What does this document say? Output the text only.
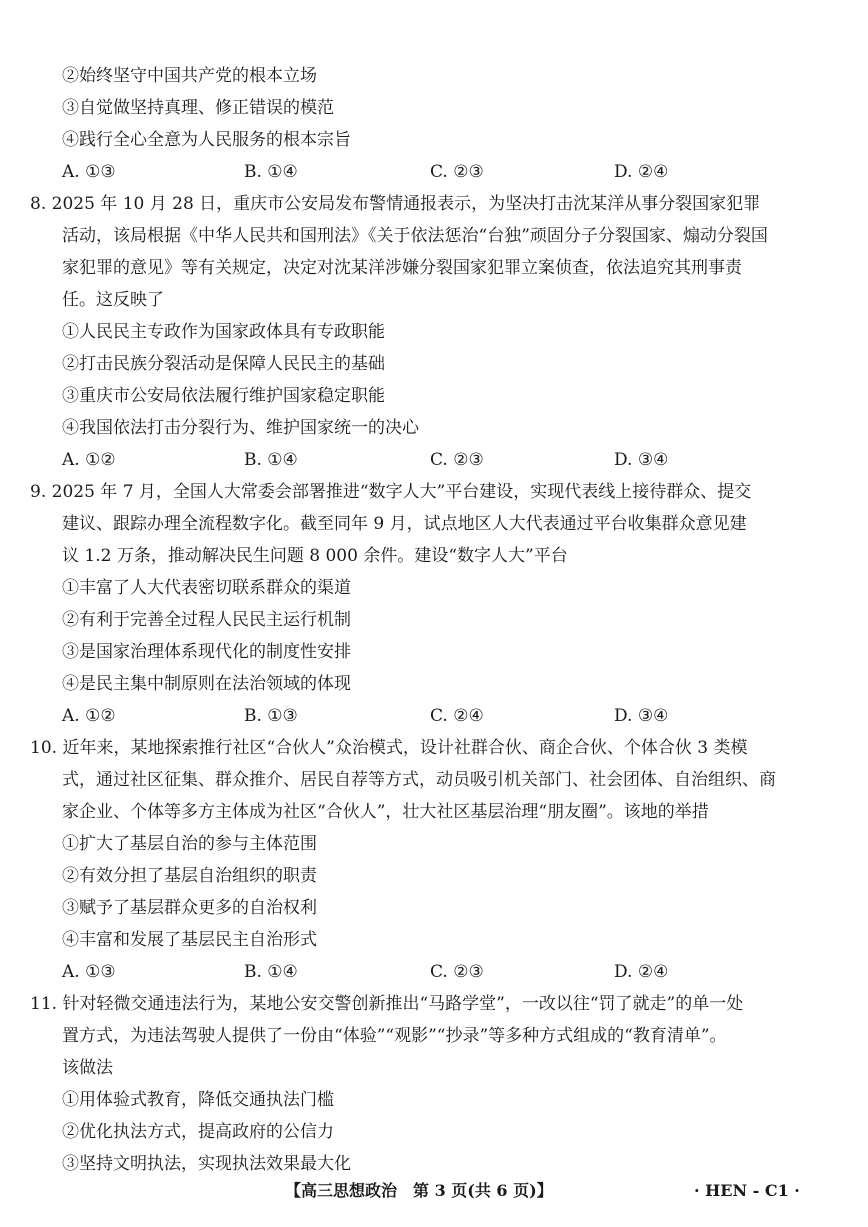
②始终坚守中国共产党的根本立场
③自觉做坚持真理、修正错误的模范
④践行全心全意为人民服务的根本宗旨
A. ①③	B. ①④	C. ②③	D. ②④
8. 2025 年 10 月 28 日，重庆市公安局发布警情通报表示，为坚决打击沈某洋从事分裂国家犯罪
活动，该局根据《中华人民共和国刑法》《关于依法惩治“台独”顽固分子分裂国家、煽动分裂国
家犯罪的意见》等有关规定，决定对沈某洋涉嫌分裂国家犯罪立案侦查，依法追究其刑事责
任。这反映了
①人民民主专政作为国家政体具有专政职能
②打击民族分裂活动是保障人民民主的基础
③重庆市公安局依法履行维护国家稳定职能
④我国依法打击分裂行为、维护国家统一的决心
A. ①②	B. ①④	C. ②③	D. ③④
9. 2025 年 7 月，全国人大常委会部署推进“数字人大”平台建设，实现代表线上接待群众、提交
建议、跟踪办理全流程数字化。截至同年 9 月，试点地区人大代表通过平台收集群众意见建
议 1.2 万条，推动解决民生问题 8 000 余件。建设“数字人大”平台
①丰富了人大代表密切联系群众的渠道
②有利于完善全过程人民民主运行机制
③是国家治理体系现代化的制度性安排
④是民主集中制原则在法治领域的体现
A. ①②	B. ①③	C. ②④	D. ③④
10. 近年来，某地探索推行社区“合伙人”众治模式，设计社群合伙、商企合伙、个体合伙 3 类模
式，通过社区征集、群众推介、居民自荐等方式，动员吸引机关部门、社会团体、自治组织、商
家企业、个体等多方主体成为社区“合伙人”，壮大社区基层治理“朋友圈”。该地的举措
①扩大了基层自治的参与主体范围
②有效分担了基层自治组织的职责
③赋予了基层群众更多的自治权利
④丰富和发展了基层民主自治形式
A. ①③	B. ①④	C. ②③	D. ②④
11. 针对轻微交通违法行为，某地公安交警创新推出“马路学堂”，一改以往“罚了就走”的单一处
置方式，为违法驾驶人提供了一份由“体验”“观影”“抄录”等多种方式组成的“教育清单”。
该做法
①用体验式教育，降低交通执法门槛
②优化执法方式，提高政府的公信力
③坚持文明执法，实现执法效果最大化
【高三思想政治　第 3 页(共 6 页)】	· HEN - C1 ·
